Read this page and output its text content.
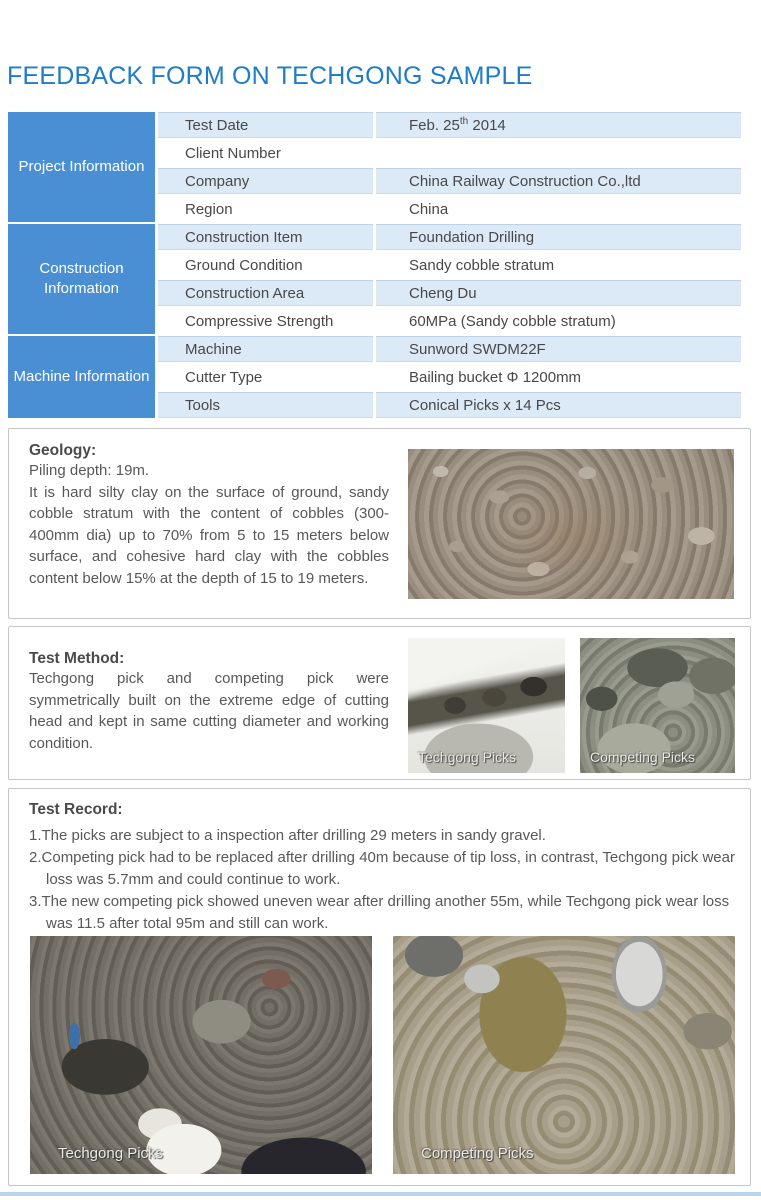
FEEDBACK FORM ON TECHGONG SAMPLE
Project Information	Test Date	Feb. 25th 2014
	Client Number	
	Company	China Railway Construction Co.,ltd
	Region	China
Construction Information	Construction Item	Foundation Drilling
	Ground Condition	Sandy cobble stratum
	Construction Area	Cheng Du
	Compressive Strength	60MPa (Sandy cobble stratum)
Machine Information	Machine	Sunword SWDM22F
	Cutter Type	Bailing bucket Φ 1200mm
	Tools	Conical Picks x 14 Pcs
Geology:
Piling depth: 19m.
It is hard silty clay on the surface of ground, sandy cobble stratum with the content of cobbles (300-400mm dia) up to 70% from 5 to 15 meters below surface, and cohesive hard clay with the cobbles content below 15% at the depth of 15 to 19 meters.
Test Method:
Techgong pick and competing pick were symmetrically built on the extreme edge of cutting head and kept in same cutting diameter and working condition.
Techgong Picks	Competing Picks
Test Record:
1.The picks are subject to a inspection after drilling 29 meters in sandy gravel.
2.Competing pick had to be replaced after drilling 40m because of tip loss, in contrast, Techgong pick wear loss was 5.7mm and could continue to work.
3.The new competing pick showed uneven wear after drilling another 55m, while Techgong pick wear loss was 11.5 after total 95m and still can work.
Techgong Picks	Competing Picks
